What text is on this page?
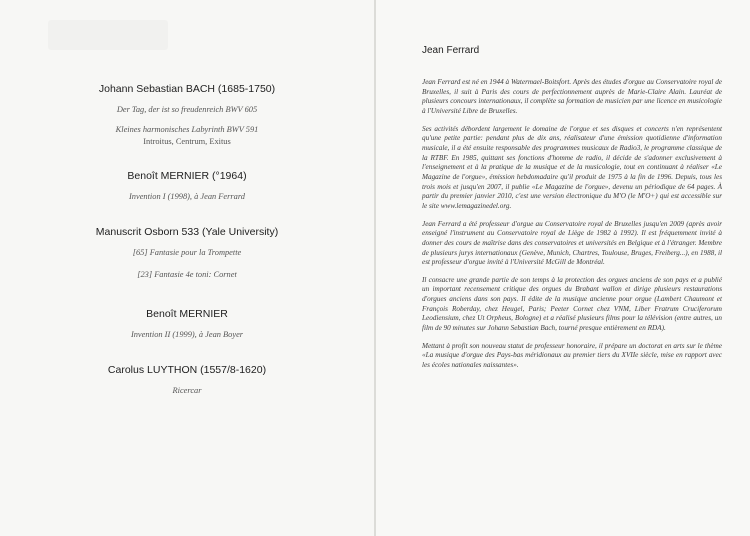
Johann Sebastian BACH (1685-1750)

Der Tag, der ist so freudenreich BWV 605

Kleines harmonisches Labyrinth BWV 591

Introitus, Centrum, Exitus

Benoît MERNIER (°1964)

Invention I (1998), à Jean Ferrard

Manuscrit Osborn 533 (Yale University)

[65] Fantasie pour la Trompette

[23] Fantasie 4e toni: Cornet

Benoît MERNIER

Invention II (1999), à Jean Boyer

Carolus LUYTHON (1557/8-1620)

Ricercar

Jean Ferrard

Jean Ferrard est né en 1944 à Watermael-Boitsfort. Après des études d'orgue au Conservatoire royal de Bruxelles, il suit à Paris des cours de perfectionnement auprès de Marie-Claire Alain. Lauréat de plusieurs concours internationaux, il complète sa formation de musicien par une licence en musicologie à l'Université Libre de Bruxelles.

Ses activités débordent largement le domaine de l'orgue et ses disques et concerts n'en représentent qu'une petite partie: pendant plus de dix ans, réalisateur d'une émission quotidienne d'information musicale, il a été ensuite responsable des programmes musicaux de Radio3, le programme classique de la RTBF. En 1985, quittant ses fonctions d'homme de radio, il décide de s'adonner exclusivement à l'enseignement et à la pratique de la musique et de la musicologie, tout en continuant à réaliser «Le Magazine de l'orgue», émission hebdomadaire qu'il produit de 1975 à la fin de 1996. Depuis, tous les trois mois et jusqu'en 2007, il publie «Le Magazine de l'orgue», devenu un périodique de 64 pages. À partir du premier janvier 2010, c'est une version électronique du M'O (le M'O+) qui est accessible sur le site www.lemagazinedel.org.

Jean Ferrard a été professeur d'orgue au Conservatoire royal de Bruxelles jusqu'en 2009 (après avoir enseigné l'instrument au Conservatoire royal de Liège de 1982 à 1992). Il est fréquemment invité à donner des cours de maîtrise dans des conservatoires et universités en Belgique et à l'étranger. Membre de plusieurs jurys internationaux (Genève, Munich, Chartres, Toulouse, Bruges, Freiberg...), en 1988, il est professeur d'orgue invité à l'Université McGill de Montréal.

Il consacre une grande partie de son temps à la protection des orgues anciens de son pays et a publié un important recensement critique des orgues du Brabant wallon et dirige plusieurs restaurations d'orgues anciens dans son pays. Il édite de la musique ancienne pour orgue (Lambert Chaumont et François Roberday, chez Heugel, Paris; Peeter Cornet chez VNM, Liber Fratrum Cruciferorum Leodiensium, chez Ut Orpheus, Bologne) et a réalisé plusieurs films pour la télévision (entre autres, un film de 90 minutes sur Johann Sebastian Bach, tourné presque entièrement en RDA).

Mettant à profit son nouveau statut de professeur honoraire, il prépare un doctorat en arts sur le thème «La musique d'orgue des Pays-bas méridionaux au premier tiers du XVIIe siècle, mise en rapport avec les écoles nationales naissantes».
